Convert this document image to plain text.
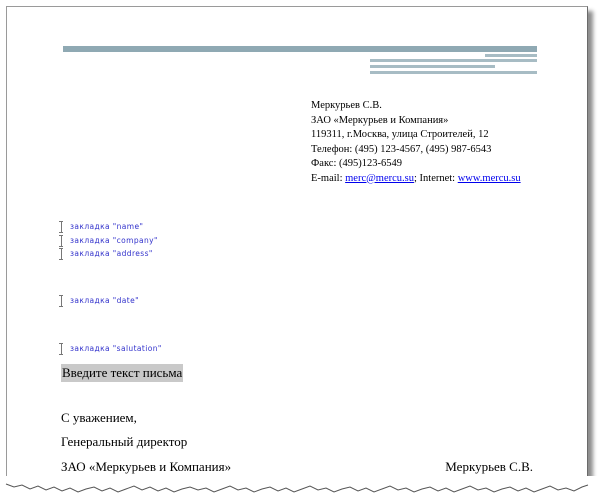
Меркурьев С.В.
ЗАО «Меркурьев и Компания»
119311, г.Москва, улица Строителей, 12
Телефон: (495) 123-4567, (495) 987-6543
Факс: (495)123-6549
E-mail: merc@mercu.su; Internet: www.mercu.su
закладка "name"
закладка "company"
закладка "address"
закладка "date"
закладка "salutation"
Введите текст письма
С уважением,
Генеральный директор
ЗАО «Меркурьев и Компания»	Меркурьев С.В.
